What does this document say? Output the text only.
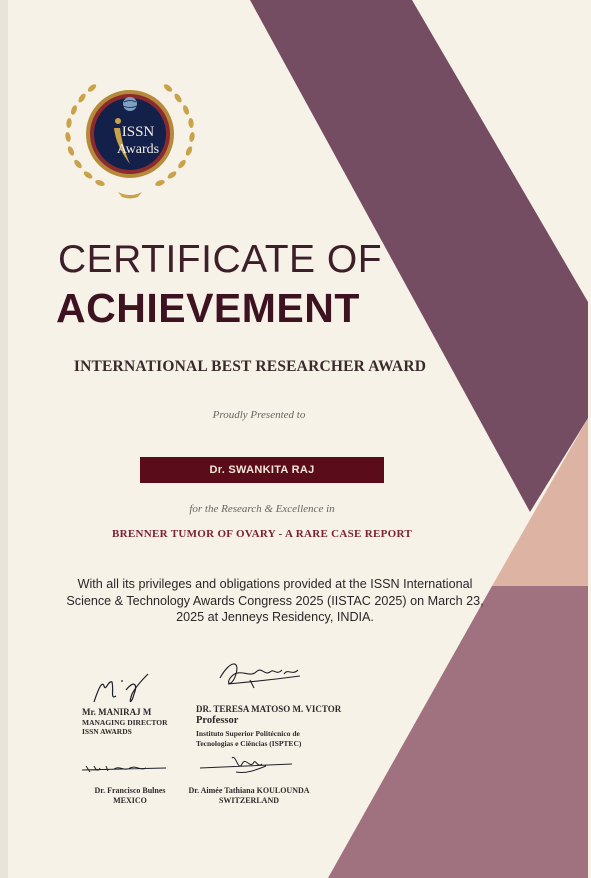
ISSN
Awards
CERTIFICATE OF
ACHIEVEMENT
INTERNATIONAL BEST RESEARCHER AWARD
Proudly Presented to
Dr. SWANKITA RAJ
for the Research & Excellence in
BRENNER TUMOR OF OVARY - A RARE CASE REPORT
With all its privileges and obligations provided at the ISSN International Science & Technology Awards Congress 2025 (IISTAC 2025) on March 23, 2025 at Jenneys Residency, INDIA.
Mr. MANIRAJ M
MANAGING DIRECTOR
ISSN AWARDS
DR. TERESA MATOSO M. VICTOR
Professor
Instituto Superior Politécnico de
Tecnologias e Ciências (ISPTEC)
Dr. Francisco Bulnes
MEXICO
Dr. Aimée Tathiana KOULOUNDA
SWITZERLAND
